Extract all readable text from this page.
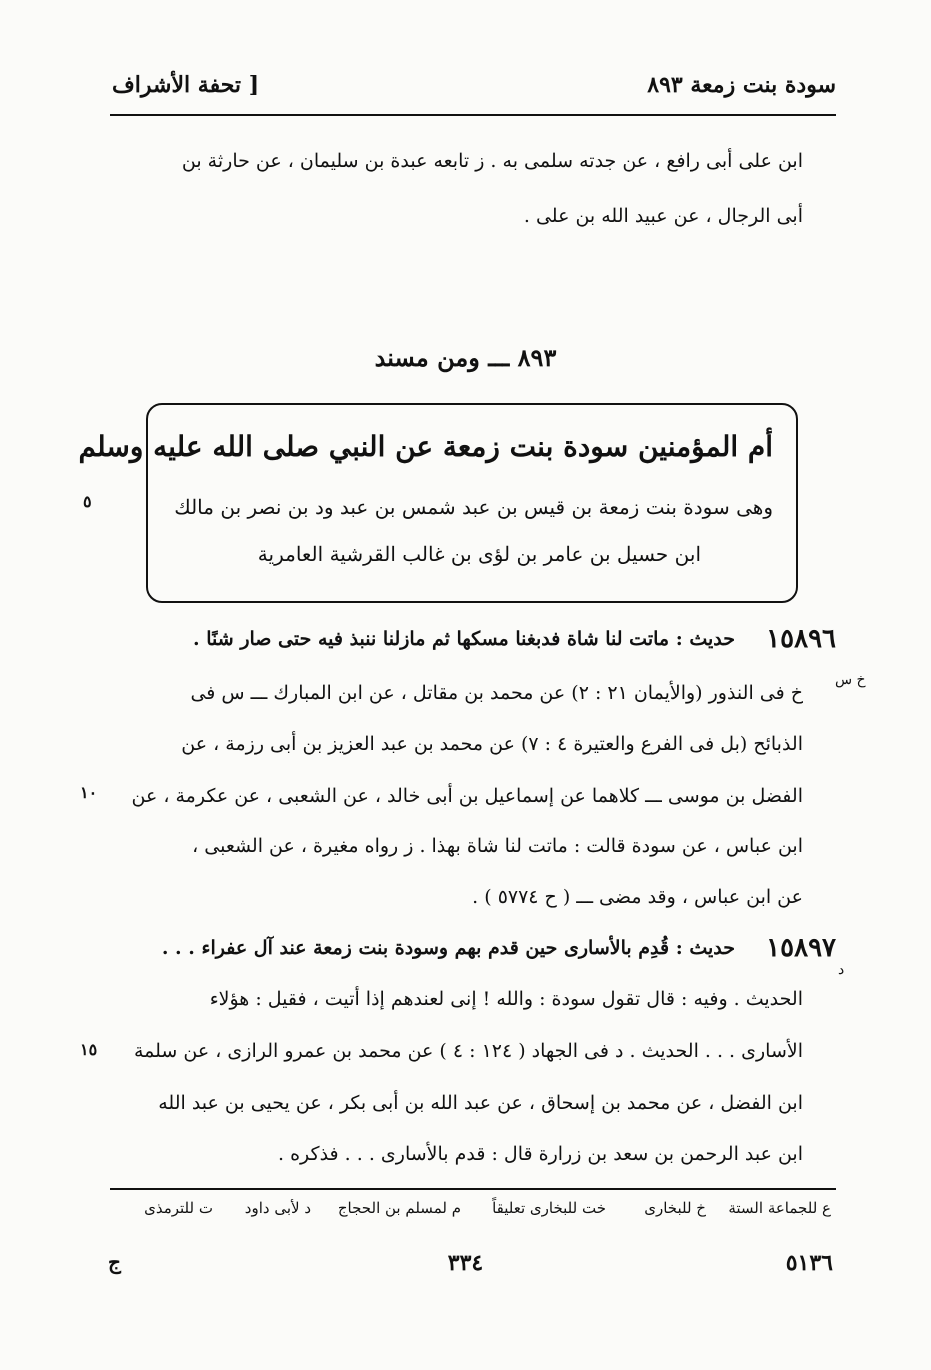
سودة بنت زمعة ٨٩٣
[ تحفة الأشراف
ابن على أبى رافع ، عن جدته سلمى به . ز تابعه عبدة بن سليمان ، عن حارثة بن
أبى الرجال ، عن عبيد الله بن على .
٨٩٣ ـــ ومن مسند
أم المؤمنين سودة بنت زمعة عن النبي صلى الله عليه وسلم
وهى سودة بنت زمعة بن قيس بن عبد شمس بن عبد ود بن نصر بن مالك
ابن حسيل بن عامر بن لؤى بن غالب القرشية العامرية
٥
١٠
١٥
١٥٨٩٦
حديث : ماتت لنا شاة فدبغنا مسكها ثم مازلنا ننبذ فيه حتى صار شنًا .
خ س
خ فى النذور (والأيمان ٢١ : ٢) عن محمد بن مقاتل ، عن ابن المبارك ـــ س فى
الذبائح (بل فى الفرع والعتيرة ٤ : ٧) عن محمد بن عبد العزيز بن أبى رزمة ، عن
الفضل بن موسى ـــ كلاهما عن إسماعيل بن أبى خالد ، عن الشعبى ، عن عكرمة ، عن
ابن عباس ، عن سودة قالت : ماتت لنا شاة بهذا . ز رواه مغيرة ، عن الشعبى ،
عن ابن عباس ، وقد مضى ـــ ( ح ٥٧٧٤ ) .
١٥٨٩٧
حديث : قُدِم بالأسارى حين قدم بهم وسودة بنت زمعة عند آل عفراء . . .
د
الحديث . وفيه : قال تقول سودة : والله ! إنى لعندهم إذا أتيت ، فقيل : هؤلاء
الأسارى . . . الحديث . د فى الجهاد ( ١٢٤ : ٤ ) عن محمد بن عمرو الرازى ، عن سلمة
ابن الفضل ، عن محمد بن إسحاق ، عن عبد الله بن أبى بكر ، عن يحيى بن عبد الله
ابن عبد الرحمن بن سعد بن زرارة قال : قدم بالأسارى . . . فذكره .
ع للجماعة الستة
خ للبخارى
خت للبخارى تعليقاً
م لمسلم بن الحجاج
د لأبى داود
ت للترمذى
٥١٣٦
٣٣٤
ج
